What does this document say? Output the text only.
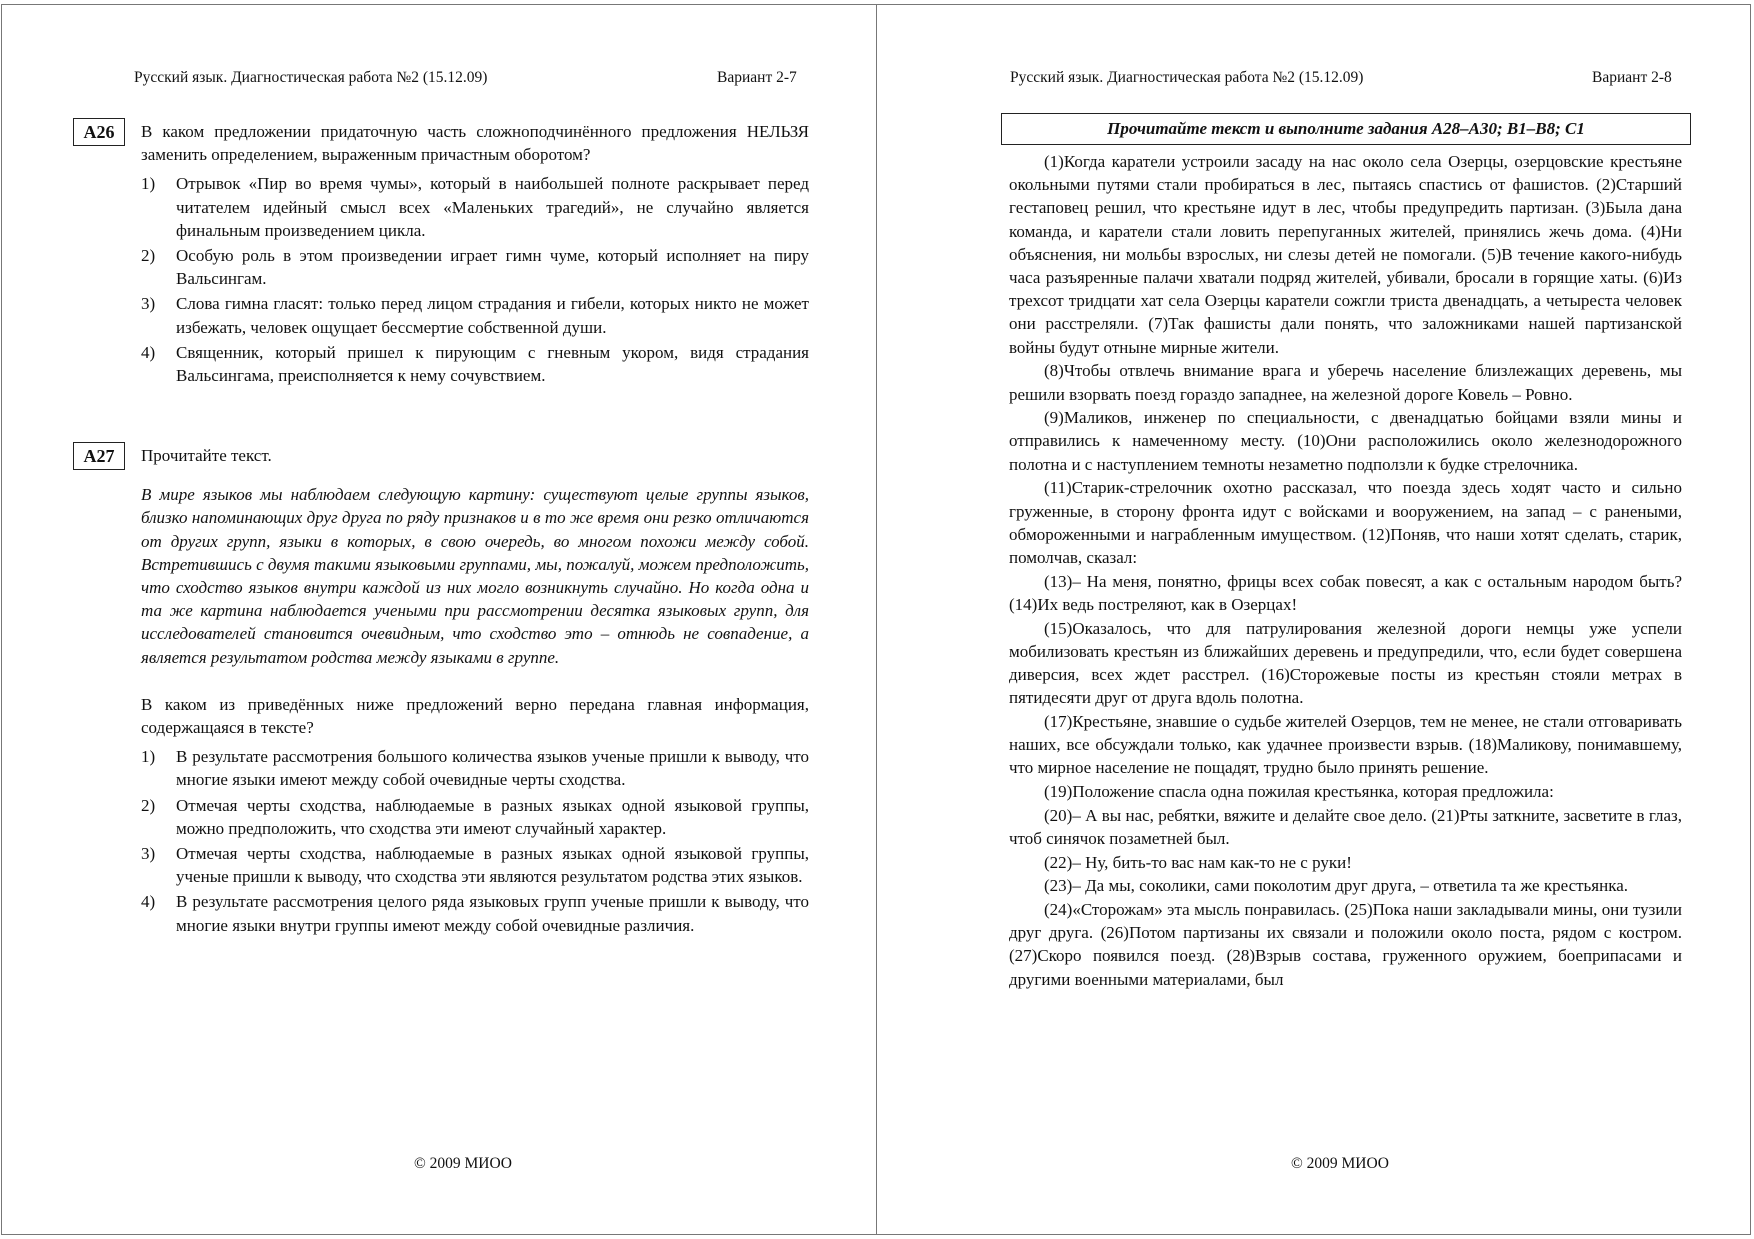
Русский язык. Диагностическая работа №2 (15.12.09)	Вариант 2-7
A26	В каком предложении придаточную часть сложноподчинённого предложения НЕЛЬЗЯ заменить определением, выраженным причастным оборотом?

1)	Отрывок «Пир во время чумы», который в наибольшей полноте раскрывает перед читателем идейный смысл всех «Маленьких трагедий», не случайно является финальным произведением цикла.
2)	Особую роль в этом произведении играет гимн чуме, который исполняет на пиру Вальсингам.
3)	Слова гимна гласят: только перед лицом страдания и гибели, которых никто не может избежать, человек ощущает бессмертие собственной души.
4)	Священник, который пришел к пирующим с гневным укором, видя страдания Вальсингама, преисполняется к нему сочувствием.
A27	Прочитайте текст.

В мире языков мы наблюдаем следующую картину: существуют целые группы языков, близко напоминающих друг друга по ряду признаков и в то же время они резко отличаются от других групп, языки в которых, в свою очередь, во многом похожи между собой. Встретившись с двумя такими языковыми группами, мы, пожалуй, можем предположить, что сходство языков внутри каждой из них могло возникнуть случайно. Но когда одна и та же картина наблюдается учеными при рассмотрении десятка языковых групп, для исследователей становится очевидным, что сходство это – отнюдь не совпадение, а является результатом родства между языками в группе.

В каком из приведённых ниже предложений верно передана главная информация, содержащаяся в тексте?

1)	В результате рассмотрения большого количества языков ученые пришли к выводу, что многие языки имеют между собой очевидные черты сходства.
2)	Отмечая черты сходства, наблюдаемые в разных языках одной языковой группы, можно предположить, что сходства эти имеют случайный характер.
3)	Отмечая черты сходства, наблюдаемые в разных языках одной языковой группы, ученые пришли к выводу, что сходства эти являются результатом родства этих языков.
4)	В результате рассмотрения целого ряда языковых групп ученые пришли к выводу, что многие языки внутри группы имеют между собой очевидные различия.
© 2009 МИОО
Русский язык. Диагностическая работа №2 (15.12.09)	Вариант 2-8
© 2009 МИОО
Прочитайте текст и выполните задания А28–А30; В1–В8; С1

(1)Когда каратели устроили засаду на нас около села Озерцы, озерцовские крестьяне окольными путями стали пробираться в лес, пытаясь спастись от фашистов. (2)Старший гестаповец решил, что крестьяне идут в лес, чтобы предупредить партизан. (3)Была дана команда, и каратели стали ловить перепуганных жителей, принялись жечь дома. (4)Ни объяснения, ни мольбы взрослых, ни слезы детей не помогали. (5)В течение какого-нибудь часа разъяренные палачи хватали подряд жителей, убивали, бросали в горящие хаты. (6)Из трехсот тридцати хат села Озерцы каратели сожгли триста двенадцать, а четыреста человек они расстреляли. (7)Так фашисты дали понять, что заложниками нашей партизанской войны будут отныне мирные жители.

(8)Чтобы отвлечь внимание врага и уберечь население близлежащих деревень, мы решили взорвать поезд гораздо западнее, на железной дороге Ковель – Ровно.

(9)Маликов, инженер по специальности, с двенадцатью бойцами взяли мины и отправились к намеченному месту. (10)Они расположились около железнодорожного полотна и с наступлением темноты незаметно подползли к будке стрелочника.

(11)Старик-стрелочник охотно рассказал, что поезда здесь ходят часто и сильно груженные, в сторону фронта идут с войсками и вооружением, на запад – с ранеными, обмороженными и награбленным имуществом. (12)Поняв, что наши хотят сделать, старик, помолчав, сказал:

(13)– На меня, понятно, фрицы всех собак повесят, а как с остальным народом быть? (14)Их ведь постреляют, как в Озерцах!

(15)Оказалось, что для патрулирования железной дороги немцы уже успели мобилизовать крестьян из ближайших деревень и предупредили, что, если будет совершена диверсия, всех ждет расстрел. (16)Сторожевые посты из крестьян стояли метрах в пятидесяти друг от друга вдоль полотна.

(17)Крестьяне, знавшие о судьбе жителей Озерцов, тем не менее, не стали отговаривать наших, все обсуждали только, как удачнее произвести взрыв. (18)Маликову, понимавшему, что мирное население не пощадят, трудно было принять решение.

(19)Положение спасла одна пожилая крестьянка, которая предложила:

(20)– А вы нас, ребятки, вяжите и делайте свое дело. (21)Рты заткните, засветите в глаз, чтоб синячок позаметней был.

(22)– Ну, бить-то вас нам как-то не с руки!

(23)– Да мы, соколики, сами поколотим друг друга, – ответила та же крестьянка.

(24)«Сторожам» эта мысль понравилась. (25)Пока наши закладывали мины, они тузили друг друга. (26)Потом партизаны их связали и положили около поста, рядом с костром. (27)Скоро появился поезд. (28)Взрыв состава, груженного оружием, боеприпасами и другими военными материалами, был
